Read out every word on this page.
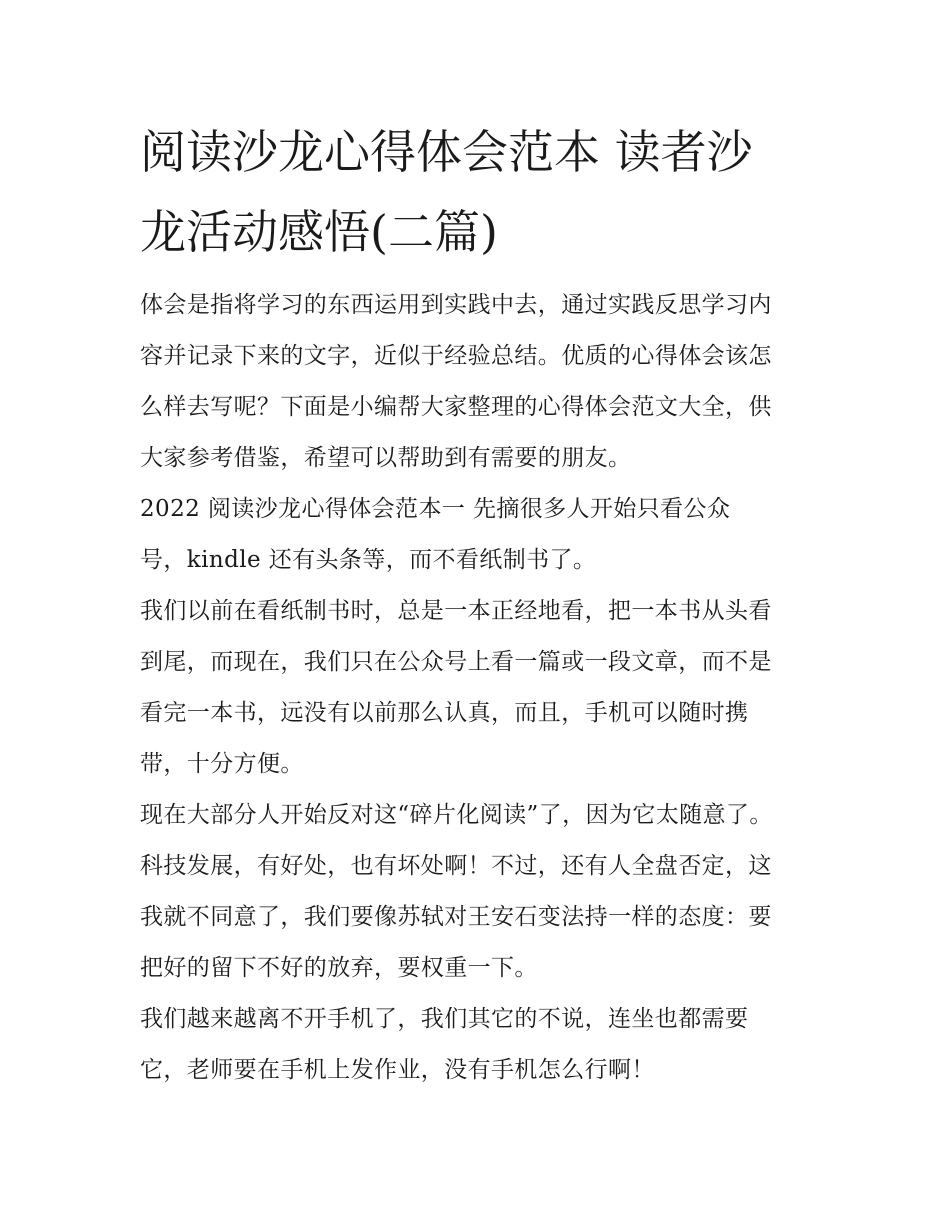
阅读沙龙心得体会范本 读者沙
龙活动感悟(二篇)

体会是指将学习的东西运用到实践中去，通过实践反思学习内
容并记录下来的文字，近似于经验总结。优质的心得体会该怎
么样去写呢？下面是小编帮大家整理的心得体会范文大全，供
大家参考借鉴，希望可以帮助到有需要的朋友。

2022 阅读沙龙心得体会范本一 先摘很多人开始只看公众
号，kindle 还有头条等，而不看纸制书了。

我们以前在看纸制书时，总是一本正经地看，把一本书从头看
到尾，而现在，我们只在公众号上看一篇或一段文章，而不是
看完一本书，远没有以前那么认真，而且，手机可以随时携
带，十分方便。

现在大部分人开始反对这“碎片化阅读”了，因为它太随意了。
科技发展，有好处，也有坏处啊！不过，还有人全盘否定，这
我就不同意了，我们要像苏轼对王安石变法持一样的态度：要
把好的留下不好的放弃，要权重一下。

我们越来越离不开手机了，我们其它的不说，连坐也都需要
它，老师要在手机上发作业，没有手机怎么行啊！
